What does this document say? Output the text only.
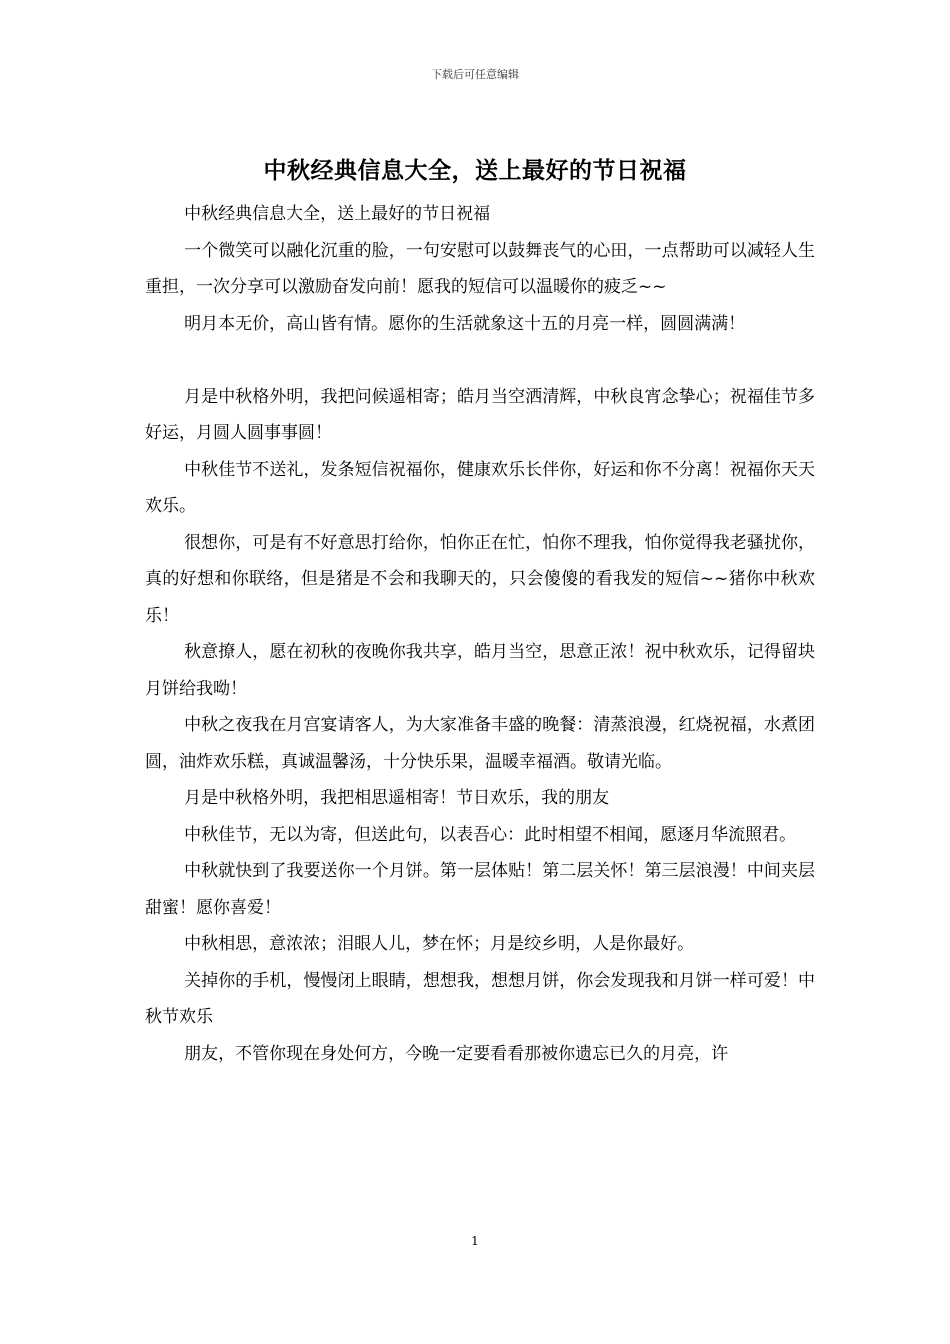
下载后可任意编辑
中秋经典信息大全，送上最好的节日祝福

中秋经典信息大全，送上最好的节日祝福

一个微笑可以融化沉重的脸，一句安慰可以鼓舞丧气的心田，一点帮助可以减轻人生重担，一次分享可以激励奋发向前！愿我的短信可以温暖你的疲乏~~

明月本无价，高山皆有情。愿你的生活就象这十五的月亮一样，圆圆满满！

月是中秋格外明，我把问候遥相寄；皓月当空洒清辉，中秋良宵念挚心；祝福佳节多好运，月圆人圆事事圆！

中秋佳节不送礼，发条短信祝福你，健康欢乐长伴你，好运和你不分离！祝福你天天欢乐。

很想你，可是有不好意思打给你，怕你正在忙，怕你不理我，怕你觉得我老骚扰你，真的好想和你联络，但是猪是不会和我聊天的，只会傻傻的看我发的短信~~猪你中秋欢乐！

秋意撩人，愿在初秋的夜晚你我共享，皓月当空，思意正浓！祝中秋欢乐，记得留块月饼给我呦！

中秋之夜我在月宫宴请客人，为大家准备丰盛的晚餐：清蒸浪漫，红烧祝福，水煮团圆，油炸欢乐糕，真诚温馨汤，十分快乐果，温暖幸福酒。敬请光临。

月是中秋格外明，我把相思遥相寄！节日欢乐，我的朋友

中秋佳节，无以为寄，但送此句，以表吾心：此时相望不相闻，愿逐月华流照君。

中秋就快到了我要送你一个月饼。第一层体贴！第二层关怀！第三层浪漫！中间夹层甜蜜！愿你喜爱！

中秋相思，意浓浓；泪眼人儿，梦在怀；月是绞乡明，人是你最好。

关掉你的手机，慢慢闭上眼睛，想想我，想想月饼，你会发现我和月饼一样可爱！中秋节欢乐

朋友，不管你现在身处何方，今晚一定要看看那被你遗忘已久的月亮，许

1
